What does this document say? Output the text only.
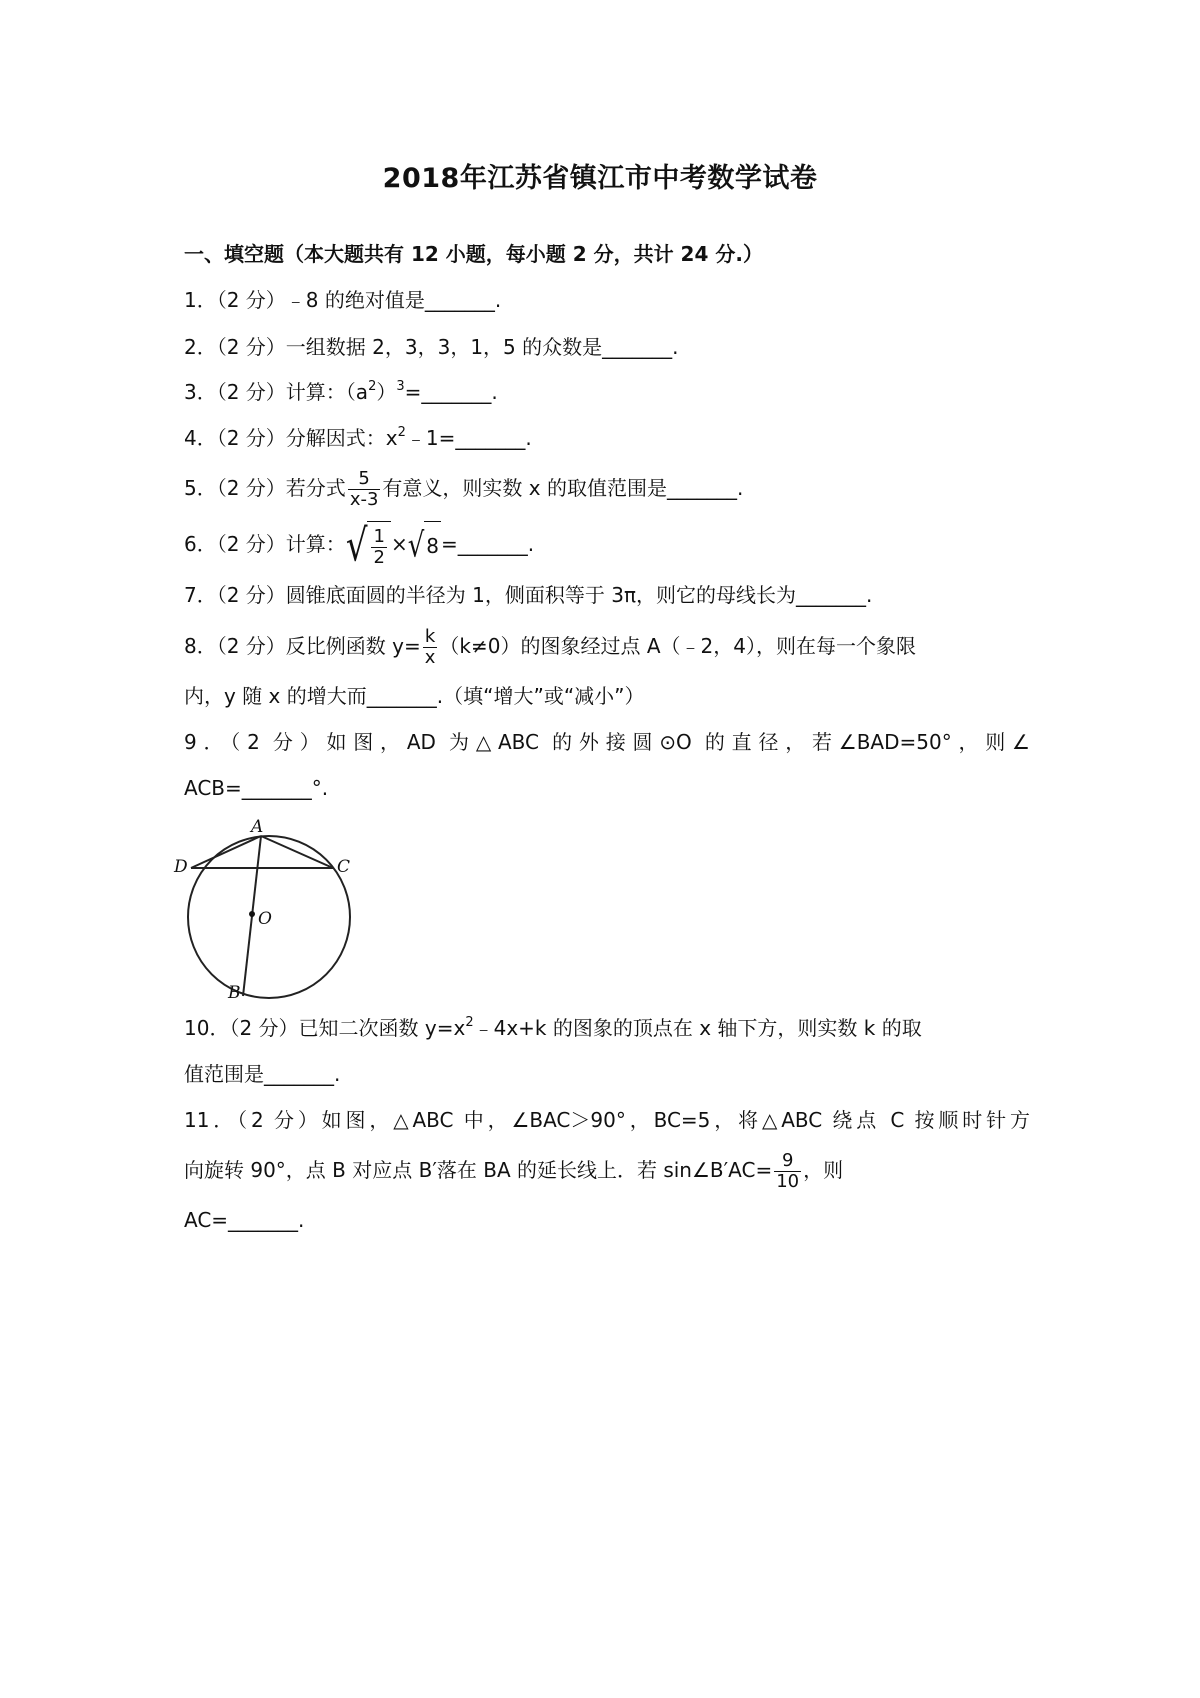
2018年江苏省镇江市中考数学试卷
一、填空题（本大题共有 12 小题，每小题 2 分，共计 24 分.）
1．（2 分）﹣8 的绝对值是_______.
2．（2 分）一组数据 2，3，3，1，5 的众数是_______.
3．（2 分）计算：$(a^2)^3=\_\_\_\_\_\_\_$.
4．（2 分）分解因式：$x^2﹣1=\_\_\_\_\_\_\_$.
5．（2 分）若分式 $\frac{5}{x-3}$ 有意义，则实数 x 的取值范围是_______.
6．（2 分）计算： √ $\frac{1}{2}$ × √ 8 =_______.
7．（2 分）圆锥底面圆的半径为 1，侧面积等于 3π，则它的母线长为_______.
8．（2 分）反比例函数 $y= \frac{k}{x} (k\ne 0)$的图象经过点 A（﹣2，4），则在每一个象限
内，y 随 x 的增大而_______.（填“增大”或“减小”）
9．（2 分）如图，AD 为△ABC 的外接圆⊙O 的直径，若∠BAD=50°，则∠
ACB=_______°.
A
D	C
O
B
10．（2 分）已知二次函数 $y=x^2﹣4x+k$ 的图象的顶点在 x 轴下方，则实数 k 的取
值范围是_______.
11．（2 分）如图，△ABC 中，∠BAC＞90°，BC=5，将△ABC 绕点 C 按顺时针方
向旋转 90°，点 B 对应点 B′落在 BA 的延长线上．若 sin∠B′AC= $\frac{9}{10}$ ，则
AC=_______.
